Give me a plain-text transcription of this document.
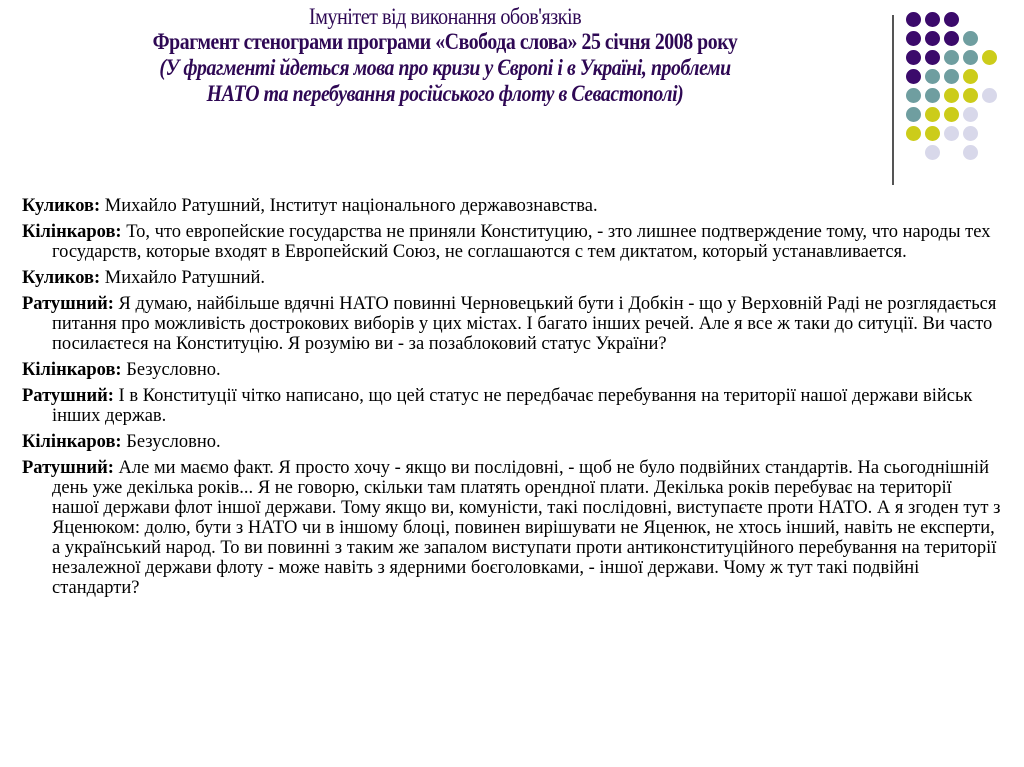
Імунітет від виконання обов'язків
Фрагмент стенограми програми «Свобода слова» 25 січня 2008 року
(У фрагменті йдеться мова про кризи у Європі і в Україні, проблеми
НАТО та перебування російського флоту в Севастополі)

Куликов: Михайло Ратушний, Інститут національного державознавства.

Кілінкаров: То, что европейские государства не приняли Конституцию, - зто лишнее подтверждение тому, что народы тех государств, которые входят в Европейский Союз, не соглашаются с тем диктатом, который устанавливается.

Куликов: Михайло Ратушний.

Ратушний: Я думаю, найбільше вдячні НАТО повинні Черновецький бути і Добкін - що у Верховній Раді не розглядається питання про можливість дострокових виборів у цих містах. І багато інших речей. Але я все ж таки до ситуції. Ви часто посилаєтеся на Конституцію. Я розумію ви - за позаблоковий статус України?

Кілінкаров: Безусловно.

Ратушний: І в Конституції чітко написано, що цей статус не передбачає перебування на території нашої держави військ інших держав.

Кілінкаров: Безусловно.

Ратушний: Але ми маємо факт. Я просто хочу - якщо ви послідовні, - щоб не було подвійних стандартів. На сьогоднішній день уже декілька років... Я не говорю, скільки там платять орендної плати. Декілька років перебуває на території нашої держави флот іншої держави. Тому якщо ви, комуністи, такі послідовні, виступаєте проти НАТО. А я згоден тут з Яценюком: долю, бути з НАТО чи в іншому блоці, повинен вирішувати не Яценюк, не хтось інший, навіть не експерти, а український народ. То ви повинні з таким же запалом виступати проти антиконституційного перебування на території незалежної держави флоту - може навіть з ядерними боєголовками, - іншої держави. Чому ж тут такі подвійні стандарти?
